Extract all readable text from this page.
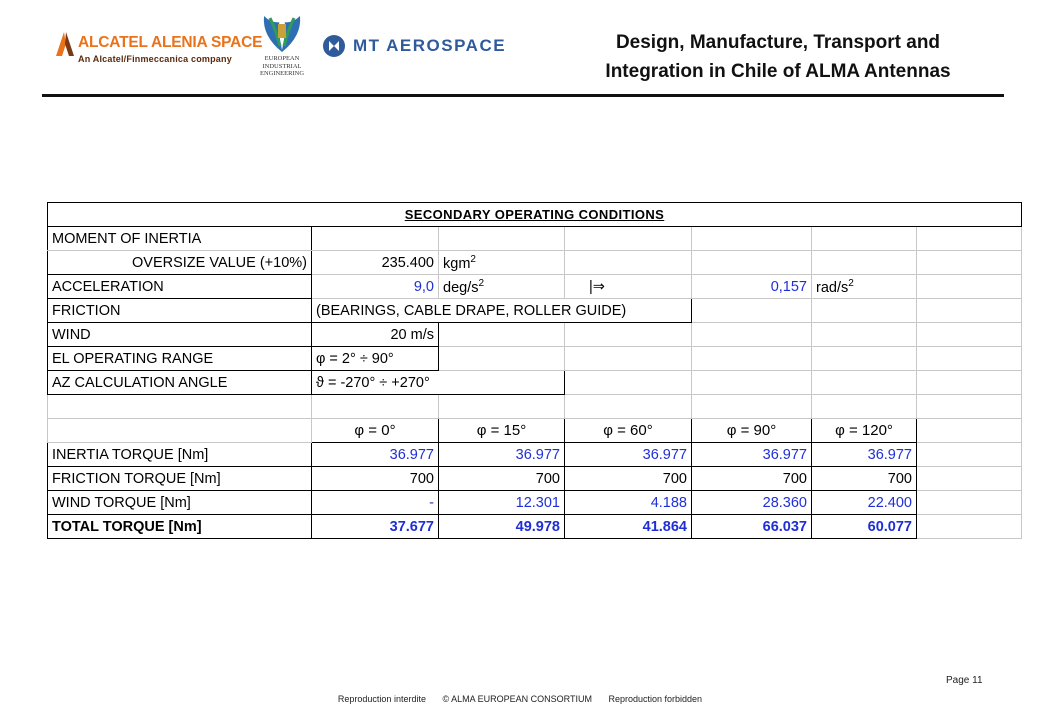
ALCATEL ALENIA SPACE
An Alcatel/Finmeccanica company	EUROPEAN
INDUSTRIAL
ENGINEERING
MT AEROSPACE	Design, Manufacture, Transport and
Integration in Chile of ALMA Antennas
SECONDARY OPERATING CONDITIONS						
MOMENT OF INERTIA						
OVERSIZE VALUE (+10%)	235.400	kgm$^2$				
ACCELERATION	9,0	deg/$s^2$	|⇒	0,157	rad/$s^2$	
FRICTION	(BEARINGS, CABLE DRAPE, ROLLER GUIDE)					
WIND	20 m/s					
EL OPERATING RANGE	φ = 2° ÷ 90°					
AZ CALCULATION ANGLE	ϑ = -270° ÷ +270°					

	φ = 0°	φ = 15°	φ = 60°	φ = 90°	φ = 120°	
INERTIA TORQUE [Nm]	36.977	36.977	36.977	36.977	36.977	
FRICTION TORQUE [Nm]	700	700	700	700	700	
WIND TORQUE [Nm]	-	12.301	4.188	28.360	22.400	
TOTAL TORQUE [Nm]	37.677	49.978	41.864	66.037	60.077	
Page 11
Reproduction interdite © ALMA EUROPEAN CONSORTIUM Reproduction forbidden
